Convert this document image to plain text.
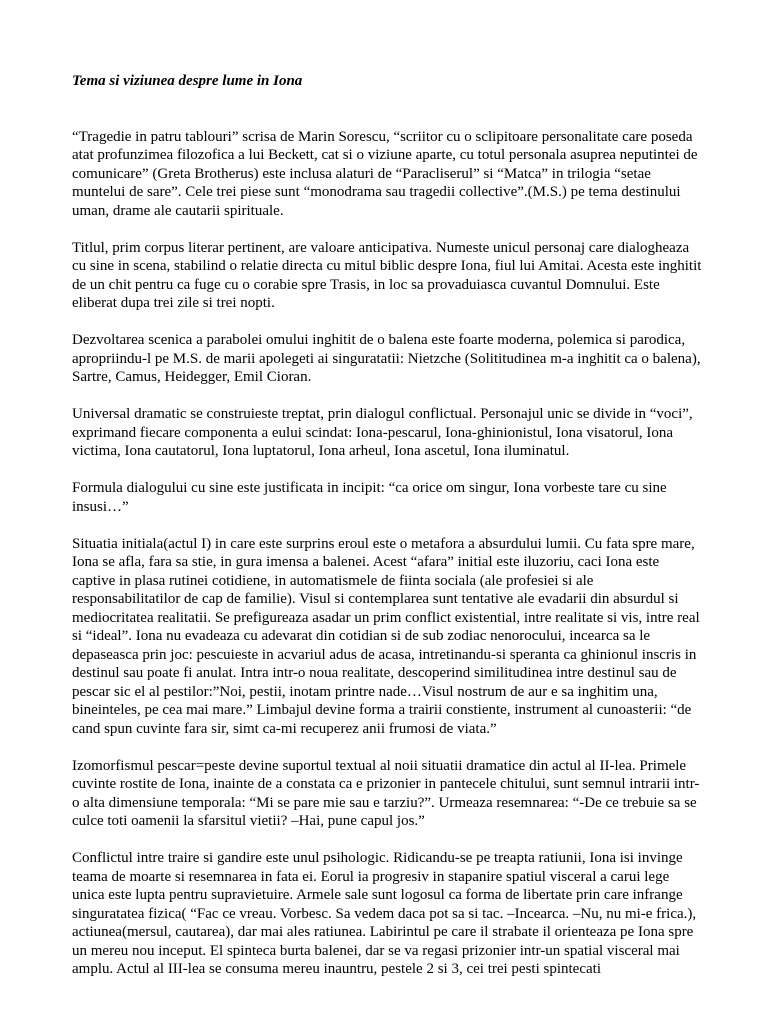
Tema si viziunea despre lume in Iona

“Tragedie in patru tablouri” scrisa de Marin Sorescu, “scriitor cu o sclipitoare personalitate care poseda atat profunzimea filozofica a lui Beckett, cat si o viziune aparte, cu totul personala asuprea neputintei de comunicare” (Greta Brotherus) este inclusa alaturi de “Paracliserul” si “Matca” in trilogia “setae muntelui de sare”. Cele trei piese sunt “monodrama sau tragedii collective”.(M.S.) pe tema destinului uman, drame ale cautarii spirituale.

Titlul, prim corpus literar pertinent, are valoare anticipativa. Numeste unicul personaj care dialogheaza cu sine in scena, stabilind o relatie directa cu mitul biblic despre Iona, fiul lui Amitai. Acesta este inghitit de un chit pentru ca fuge cu o corabie spre Trasis, in loc sa provaduiasca cuvantul Domnului. Este eliberat dupa trei zile si trei nopti.

Dezvoltarea scenica a parabolei omului inghitit de o balena este foarte moderna, polemica si parodica, apropriindu-l pe M.S. de marii apolegeti ai singuratatii: Nietzche (Solititudinea m-a inghitit ca o balena), Sartre, Camus, Heidegger, Emil Cioran.

Universal dramatic se construieste treptat, prin dialogul conflictual. Personajul unic se divide in “voci”, exprimand fiecare componenta a eului scindat: Iona-pescarul, Iona-ghinionistul, Iona visatorul, Iona victima, Iona cautatorul, Iona luptatorul, Iona arheul, Iona ascetul, Iona iluminatul.

Formula dialogului cu sine este justificata in incipit: “ca orice om singur, Iona vorbeste tare cu sine insusi…”

Situatia initiala(actul I) in care este surprins eroul este o metafora a absurdului lumii. Cu fata spre mare, Iona se afla, fara sa stie, in gura imensa a balenei. Acest “afara” initial este iluzoriu, caci Iona este captive in plasa rutinei cotidiene, in automatismele de fiinta sociala (ale profesiei si ale responsabilitatilor de cap de familie). Visul si contemplarea sunt tentative ale evadarii din absurdul si mediocritatea realitatii. Se prefigureaza asadar un prim conflict existential, intre realitate si vis, intre real si “ideal”. Iona nu evadeaza cu adevarat din cotidian si de sub zodiac nenorocului, incearca sa le depaseasca prin joc: pescuieste in acvariul adus de acasa, intretinandu-si speranta ca ghinionul inscris in destinul sau poate fi anulat. Intra intr-o noua realitate, descoperind similitudinea intre destinul sau de pescar sic el al pestilor:”Noi, pestii, inotam printre nade…Visul nostrum de aur e sa inghitim una, bineinteles, pe cea mai mare.” Limbajul devine forma a trairii constiente, instrument al cunoasterii: “de cand spun cuvinte fara sir, simt ca-mi recuperez anii frumosi de viata.”

Izomorfismul pescar=peste devine suportul textual al noii situatii dramatice din actul al II-lea. Primele cuvinte rostite de Iona, inainte de a constata ca e prizonier in pantecele chitului, sunt semnul intrarii intr-o alta dimensiune temporala: “Mi se pare mie sau e tarziu?”. Urmeaza resemnarea: “-De ce trebuie sa se culce toti oamenii la sfarsitul vietii? –Hai, pune capul jos.”

Conflictul intre traire si gandire este unul psihologic. Ridicandu-se pe treapta ratiunii, Iona isi invinge teama de moarte si resemnarea in fata ei. Eorul ia progresiv in stapanire spatiul visceral a carui lege unica este lupta pentru supravietuire. Armele sale sunt logosul ca forma de libertate prin care infrange singuratatea fizica( “Fac ce vreau. Vorbesc. Sa vedem daca pot sa si tac. –Incearca. –Nu, nu mi-e frica.), actiunea(mersul, cautarea), dar mai ales ratiunea. Labirintul pe care il strabate il orienteaza pe Iona spre un mereu nou inceput. El spinteca burta balenei, dar se va regasi prizonier intr-un spatial visceral mai amplu. Actul al III-lea se consuma mereu inauntru, pestele 2 si 3, cei trei pesti spintecati
